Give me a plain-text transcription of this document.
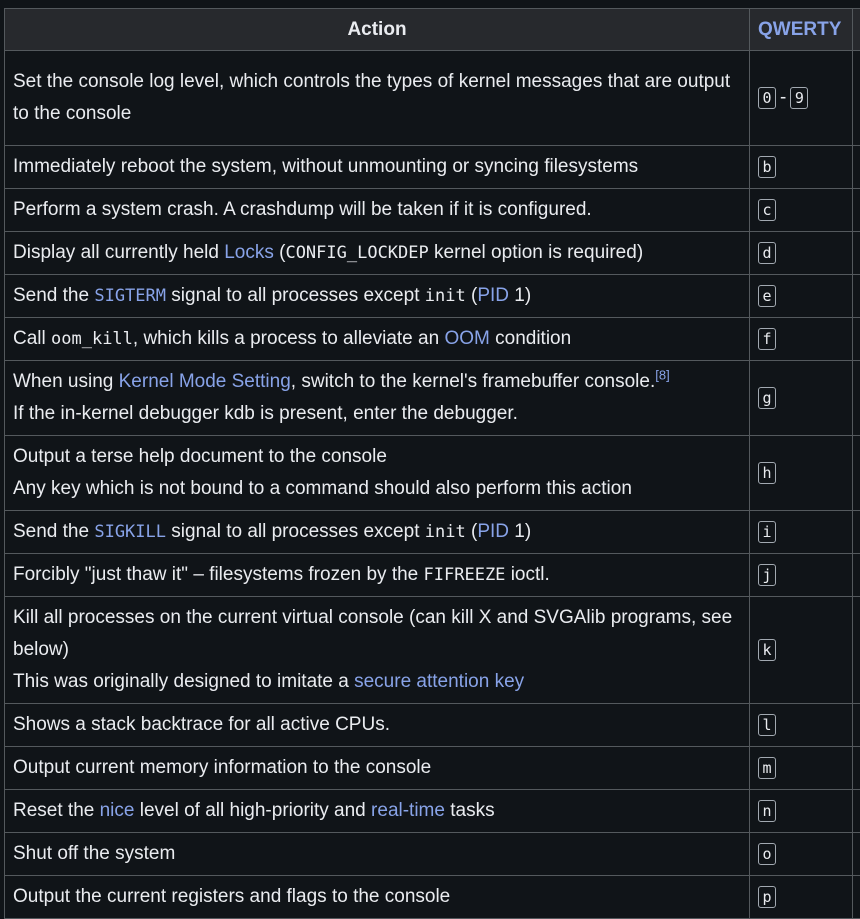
Action	QWERTY	
Set the console log level, which controls the types of kernel messages that are output to the console	0 - 9	
Immediately reboot the system, without unmounting or syncing filesystems	b	
Perform a system crash. A crashdump will be taken if it is configured.	c	
Display all currently held Locks (CONFIG_LOCKDEP kernel option is required)	d	
Send the SIGTERM signal to all processes except init (PID 1)	e	
Call oom_kill, which kills a process to alleviate an OOM condition	f	

When using Kernel Mode Setting, switch to the kernel's framebuffer console.[8]
If the in-kernel debugger kdb is present, enter the debugger.	g	

Output a terse help document to the console
Any key which is not bound to a command should also perform this action	h	
Send the SIGKILL signal to all processes except init (PID 1)	i	
Forcibly "just thaw it" – filesystems frozen by the FIFREEZE ioctl.	j	

Kill all processes on the current virtual console (can kill X and SVGAlib programs, see below)
This was originally designed to imitate a secure attention key	k	
Shows a stack backtrace for all active CPUs.	l	
Output current memory information to the console	m	
Reset the nice level of all high-priority and real-time tasks	n	
Shut off the system	o	
Output the current registers and flags to the console	p	
